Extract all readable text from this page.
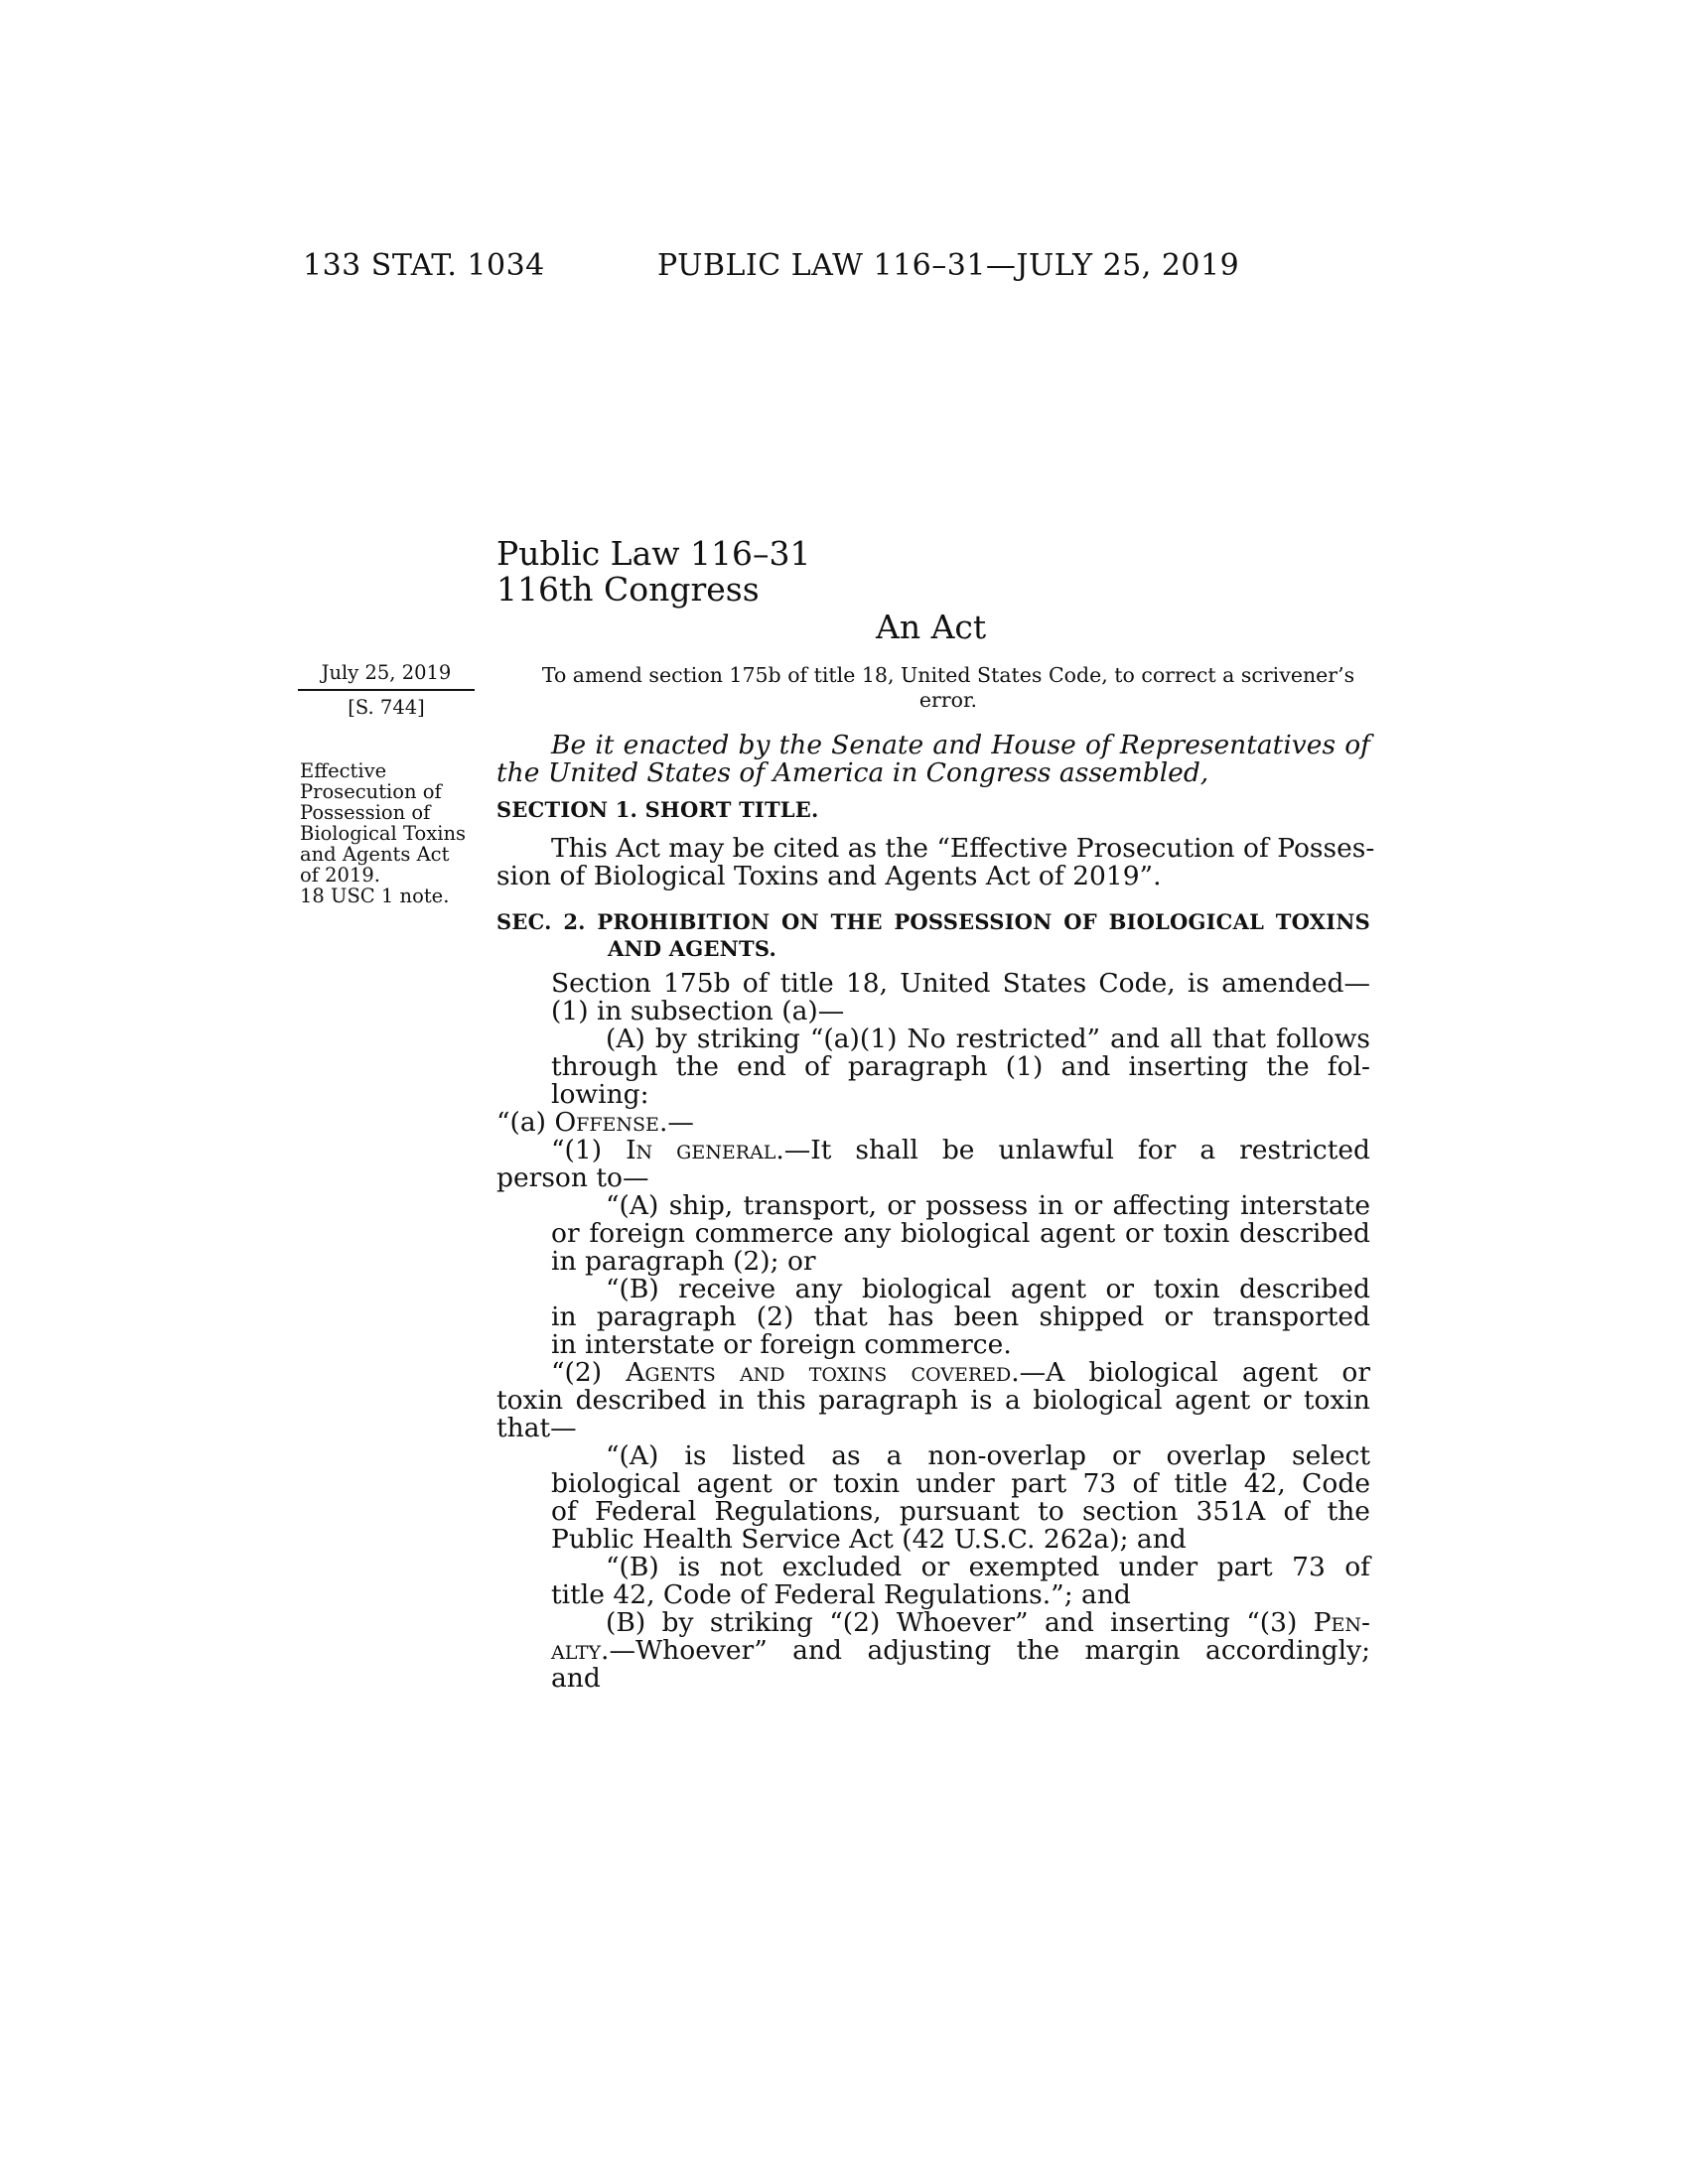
133 STAT. 1034	PUBLIC LAW 116–31—JULY 25, 2019
Public Law 116–31
116th Congress
An Act
July 25, 2019
[S. 744]
Effective
Prosecution of
Possession of
Biological Toxins
and Agents Act
of 2019.
18 USC 1 note.
To amend section 175b of title 18, United States Code, to correct a scrivener’s
error.
Be it enacted by the Senate and House of Representatives of
the United States of America in Congress assembled,
SECTION 1. SHORT TITLE.
This Act may be cited as the “Effective Prosecution of Posses-
sion of Biological Toxins and Agents Act of 2019”.
SEC. 2. PROHIBITION ON THE POSSESSION OF BIOLOGICAL TOXINS
AND AGENTS.
Section 175b of title 18, United States Code, is amended—
(1) in subsection (a)—
(A) by striking “(a)(1) No restricted” and all that follows
through the end of paragraph (1) and inserting the fol-
lowing:
“(a) Offense.—
“(1) In general.—It shall be unlawful for a restricted
person to—
“(A) ship, transport, or possess in or affecting interstate
or foreign commerce any biological agent or toxin described
in paragraph (2); or
“(B) receive any biological agent or toxin described
in paragraph (2) that has been shipped or transported
in interstate or foreign commerce.
“(2) Agents and toxins covered.—A biological agent or
toxin described in this paragraph is a biological agent or toxin
that—
“(A) is listed as a non-overlap or overlap select
biological agent or toxin under part 73 of title 42, Code
of Federal Regulations, pursuant to section 351A of the
Public Health Service Act (42 U.S.C. 262a); and
“(B) is not excluded or exempted under part 73 of
title 42, Code of Federal Regulations.”; and
(B) by striking “(2) Whoever” and inserting “(3) Pen-
alty.—Whoever” and adjusting the margin accordingly;
and
